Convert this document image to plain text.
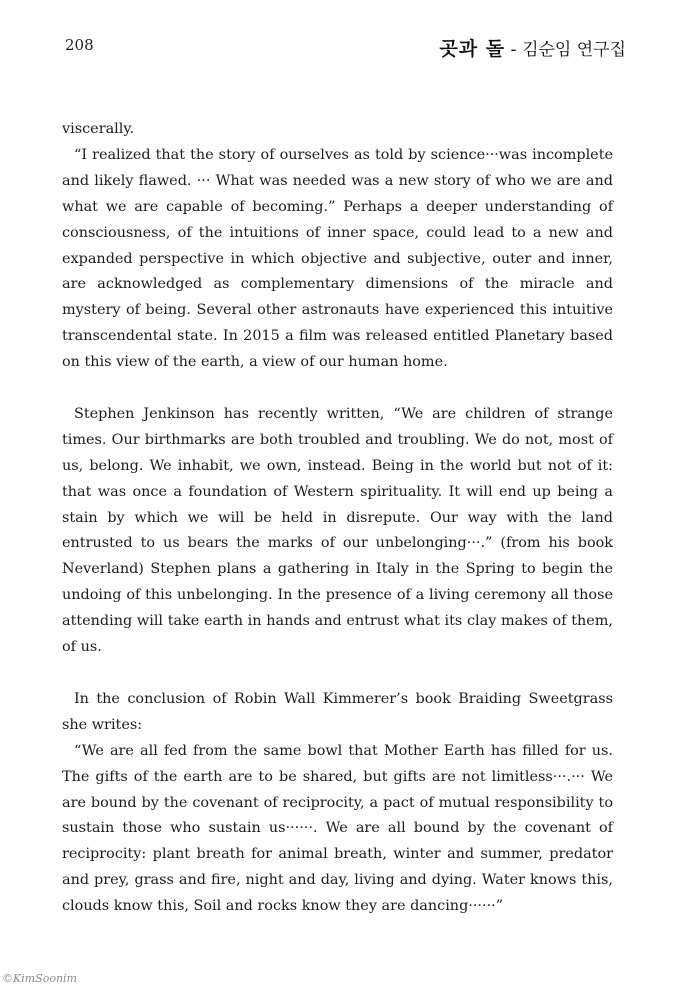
208	곳과 돌 - 김순임 연구집

viscerally.

“I realized that the story of ourselves as told by science···was incomplete and likely flawed. ··· What was needed was a new story of who we are and what we are capable of becoming.” Perhaps a deeper understanding of consciousness, of the intuitions of inner space, could lead to a new and expanded perspective in which objective and subjective, outer and inner, are acknowledged as complementary dimensions of the miracle and mystery of being. Several other astronauts have experienced this intuitive transcendental state. In 2015 a film was released entitled Planetary based on this view of the earth, a view of our human home.

Stephen Jenkinson has recently written, “We are children of strange times. Our birthmarks are both troubled and troubling. We do not, most of us, belong. We inhabit, we own, instead. Being in the world but not of it: that was once a foundation of Western spirituality. It will end up being a stain by which we will be held in disrepute. Our way with the land entrusted to us bears the marks of our unbelonging···.” (from his book Neverland) Stephen plans a gathering in Italy in the Spring to begin the undoing of this unbelonging. In the presence of a living ceremony all those attending will take earth in hands and entrust what its clay makes of them, of us.

In the conclusion of Robin Wall Kimmerer’s book Braiding Sweetgrass she writes:

“We are all fed from the same bowl that Mother Earth has filled for us. The gifts of the earth are to be shared, but gifts are not limitless···.··· We are bound by the covenant of reciprocity, a pact of mutual responsibility to sustain those who sustain us······. We are all bound by the covenant of reciprocity: plant breath for animal breath, winter and summer, predator and prey, grass and fire, night and day, living and dying. Water knows this, clouds know this, Soil and rocks know they are dancing······”

©KimSoonim
